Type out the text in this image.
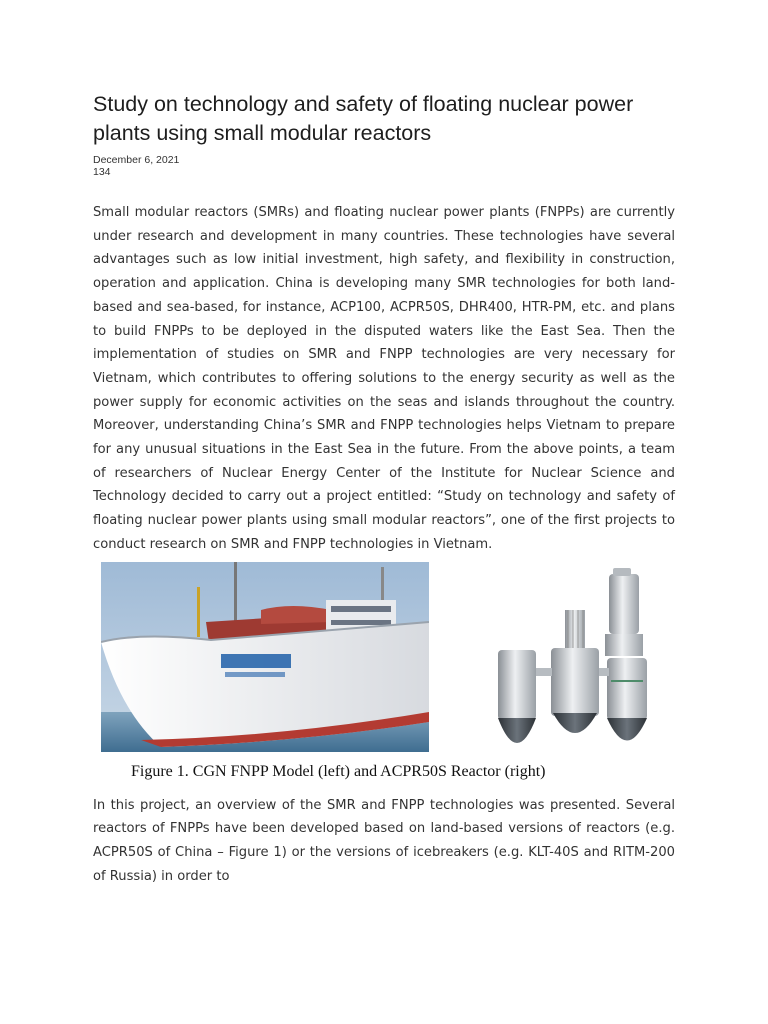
Study on technology and safety of floating nuclear power plants using small modular reactors
December 6, 2021
134

Small modular reactors (SMRs) and floating nuclear power plants (FNPPs) are currently under research and development in many countries. These technologies have several advantages such as low initial investment, high safety, and flexibility in construction, operation and application. China is developing many SMR technologies for both land-based and sea-based, for instance, ACP100, ACPR50S, DHR400, HTR-PM, etc. and plans to build FNPPs to be deployed in the disputed waters like the East Sea. Then the implementation of studies on SMR and FNPP technologies are very necessary for Vietnam, which contributes to offering solutions to the energy security as well as the power supply for economic activities on the seas and islands throughout the country. Moreover, understanding China’s SMR and FNPP technologies helps Vietnam to prepare for any unusual situations in the East Sea in the future. From the above points, a team of researchers of Nuclear Energy Center of the Institute for Nuclear Science and Technology decided to carry out a project entitled: “Study on technology and safety of floating nuclear power plants using small modular reactors”, one of the first projects to conduct research on SMR and FNPP technologies in Vietnam.

Figure 1. CGN FNPP Model (left) and ACPR50S Reactor (right)

In this project, an overview of the SMR and FNPP technologies was presented. Several reactors of FNPPs have been developed based on land-based versions of reactors (e.g. ACPR50S of China – Figure 1) or the versions of icebreakers (e.g. KLT-40S and RITM-200 of Russia) in order to
